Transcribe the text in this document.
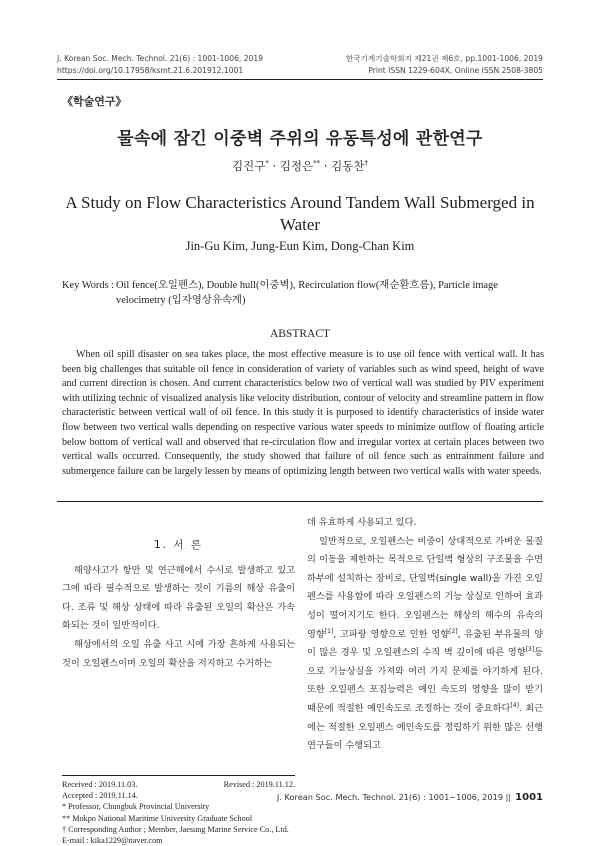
J. Korean Soc. Mech. Technol. 21(6) : 1001-1006, 2019
https://doi.org/10.17958/ksmt.21.6.201912.1001
한국기계기술학회지 제21권 제6호, pp.1001-1006, 2019
Print ISSN 1229-604X, Online ISSN 2508-3805
《학술연구》
물속에 잠긴 이중벽 주위의 유동특성에 관한연구
김진구* · 김정은** · 김동찬†
A Study on Flow Characteristics Around Tandem Wall Submerged in Water
Jin-Gu Kim, Jung-Eun Kim, Dong-Chan Kim
Key Words : Oil fence(오일펜스), Double hull(이중벽), Recirculation flow(재순환흐름), Particle image velocimetry (입자영상유속계)
ABSTRACT

When oil spill disaster on sea takes place, the most effective measure is to use oil fence with vertical wall. It has been big challenges that suitable oil fence in consideration of variety of variables such as wind speed, height of wave and current direction is chosen. And current characteristics below two of vertical wall was studied by PIV experiment with utilizing technic of visualized analysis like velocity distribution, contour of velocity and streamline pattern in flow characteristic between vertical wall of oil fence. In this study it is purposed to identify characteristics of inside water flow between two vertical walls depending on respective various water speeds to minimize outflow of floating article below bottom of vertical wall and observed that re-circulation flow and irregular vortex at certain places between two vertical walls occurred. Consequently, the study showed that failure of oil fence such as entrainment failure and submergence failure can be largely lessen by means of optimizing length between two vertical walls with water speeds.

1. 서 론

해양사고가 항만 및 연근해에서 수시로 발생하고 있고 그에 따라 필수적으로 발생하는 것이 기름의 해상 유출이다. 조류 및 해상 상태에 따라 유출된 오일의 확산은 가속화되는 것이 일반적이다.

해상에서의 오일 유출 사고 시에 가장 흔하게 사용되는 것이 오일펜스이며 오일의 확산을 저지하고 수거하는

데 유효하게 사용되고 있다.

일반적으로, 오일펜스는 비중이 상대적으로 가벼운 물질의 이동을 제한하는 목적으로 단일벽 형상의 구조물을 수면 하부에 설치하는 장비로, 단일벽(single wall)을 가진 오일펜스를 사용함에 따라 오일펜스의 기능 상실로 인하여 효과성이 떨어지기도 한다. 오일펜스는 해상의 해수의 유속의 영향[1], 고파랑 영향으로 인한 영향[2], 유출된 부유물의 양이 많은 경우 및 오일펜스의 수직 벽 깊이에 따른 영향[3]등으로 기능상실을 가져와 여러 가지 문제를 야기하게 된다. 또한 오일펜스 포집능력은 예인 속도의 영향을 많이 받기 때문에 적절한 예인속도로 조정하는 것이 중요하다[4]. 최근에는 적절한 오일펜스 예인속도를 정립하기 위한 많은 선행 연구들이 수행되고

Received : 2019.11.03.	Revised : 2019.11.12.
Accepted : 2019.11.14.
* Professor, Chungbuk Provincial University
** Mokpo National Maritime University Graduate School
† Corresponding Author ; Member, Jaesung Marine Service Co., Ltd. E-mail : kika1229@naver.com
J. Korean Soc. Mech. Technol. 21(6) : 1001~1006, 2019 || 1001
